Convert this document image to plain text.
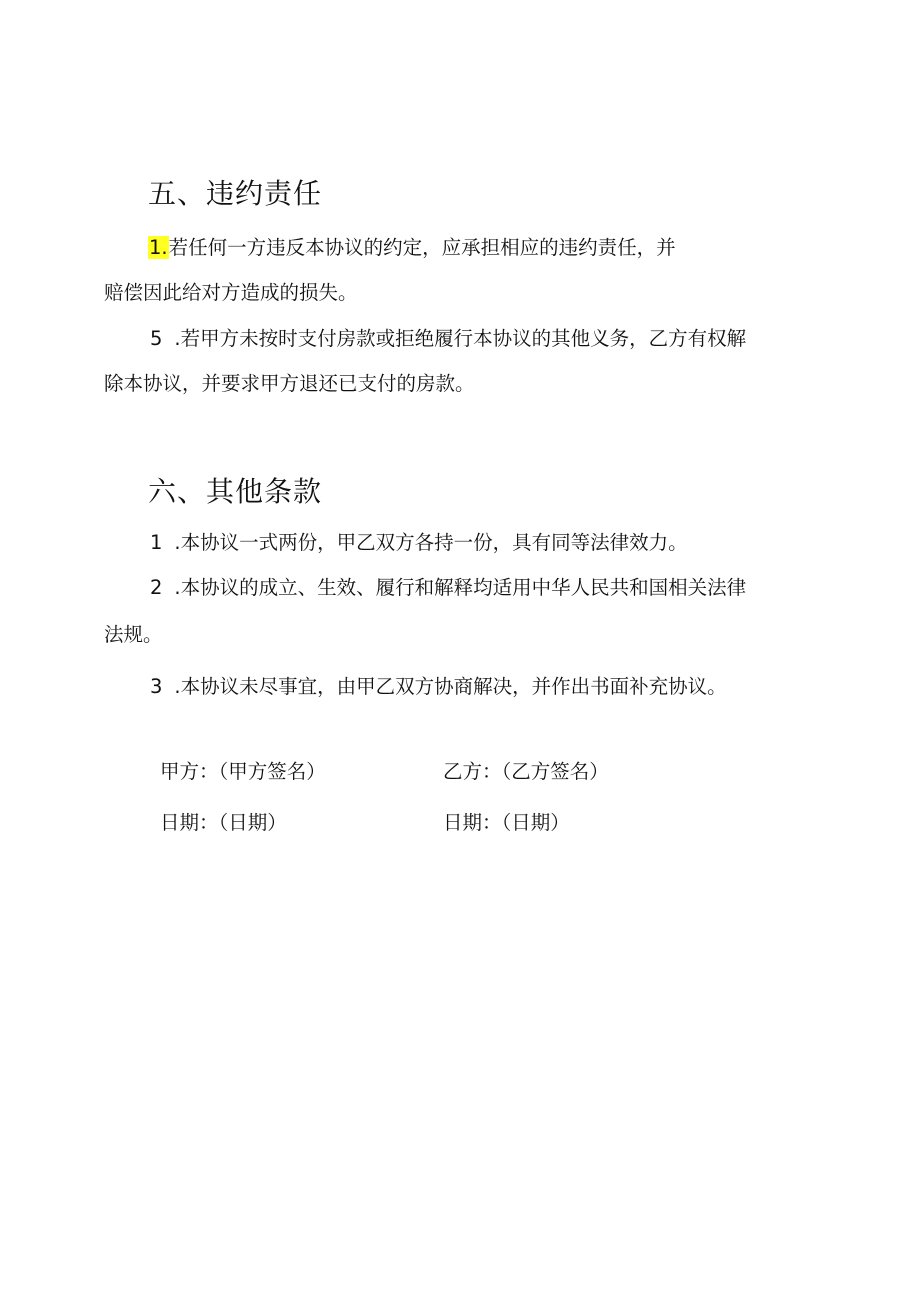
五、违约责任

1.若任何一方违反本协议的约定，应承担相应的违约责任，并

赔偿因此给对方造成的损失。

5 .若甲方未按时支付房款或拒绝履行本协议的其他义务，乙方有权解

除本协议，并要求甲方退还已支付的房款。

六、其他条款

1 .本协议一式两份，甲乙双方各持一份，具有同等法律效力。

2 .本协议的成立、生效、履行和解释均适用中华人民共和国相关法律

法规。

3 .本协议未尽事宜，由甲乙双方协商解决，并作出书面补充协议。

甲方：（甲方签名）	乙方：（乙方签名）
日期：（日期）	日期：（日期）
